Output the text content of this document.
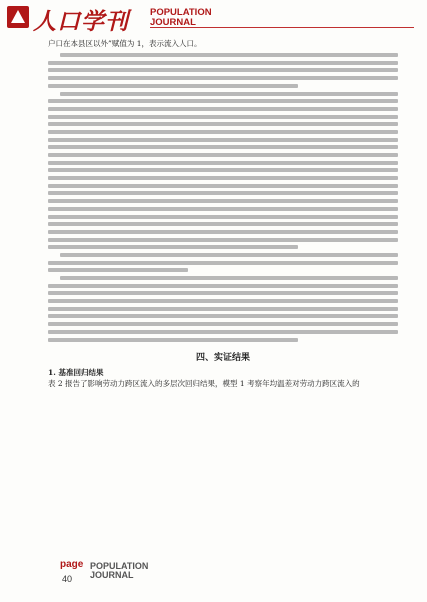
人口学刊 POPULATION
JOURNAL
户口在本县区以外”赋值为 1，表示流入人口。
四、实证结果
1. 基准回归结果
表 2 报告了影响劳动力跨区流入的多层次回归结果，模型 1 考察年均温差对劳动力跨区流入的
page
40
POPULATION
JOURNAL
